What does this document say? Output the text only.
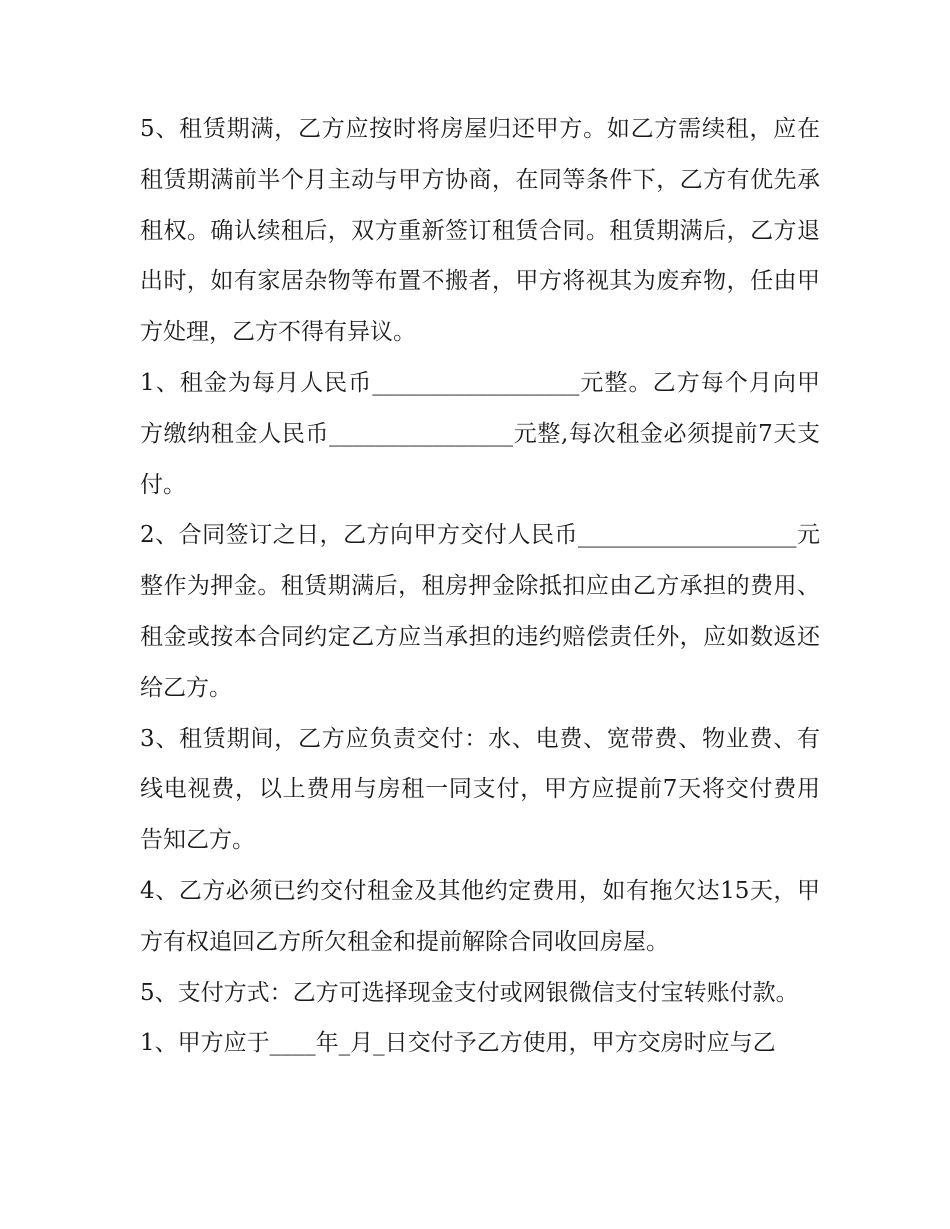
5、租赁期满，乙方应按时将房屋归还甲方。如乙方需续租，应在租赁期满前半个月主动与甲方协商，在同等条件下，乙方有优先承租权。确认续租后，双方重新签订租赁合同。租赁期满后，乙方退出时，如有家居杂物等布置不搬者，甲方将视其为废弃物，任由甲方处理，乙方不得有异议。

1、租金为每月人民币__________________元整。乙方每个月向甲方缴纳租金人民币________________元整,每次租金必须提前7天支付。

2、合同签订之日，乙方向甲方交付人民币___________________元整作为押金。租赁期满后，租房押金除抵扣应由乙方承担的费用、租金或按本合同约定乙方应当承担的违约赔偿责任外，应如数返还给乙方。

3、租赁期间，乙方应负责交付：水、电费、宽带费、物业费、有线电视费，以上费用与房租一同支付，甲方应提前7天将交付费用告知乙方。

4、乙方必须已约交付租金及其他约定费用，如有拖欠达15天，甲方有权追回乙方所欠租金和提前解除合同收回房屋。

5、支付方式：乙方可选择现金支付或网银微信支付宝转账付款。

1、甲方应于____年_月_日交付予乙方使用，甲方交房时应与乙
